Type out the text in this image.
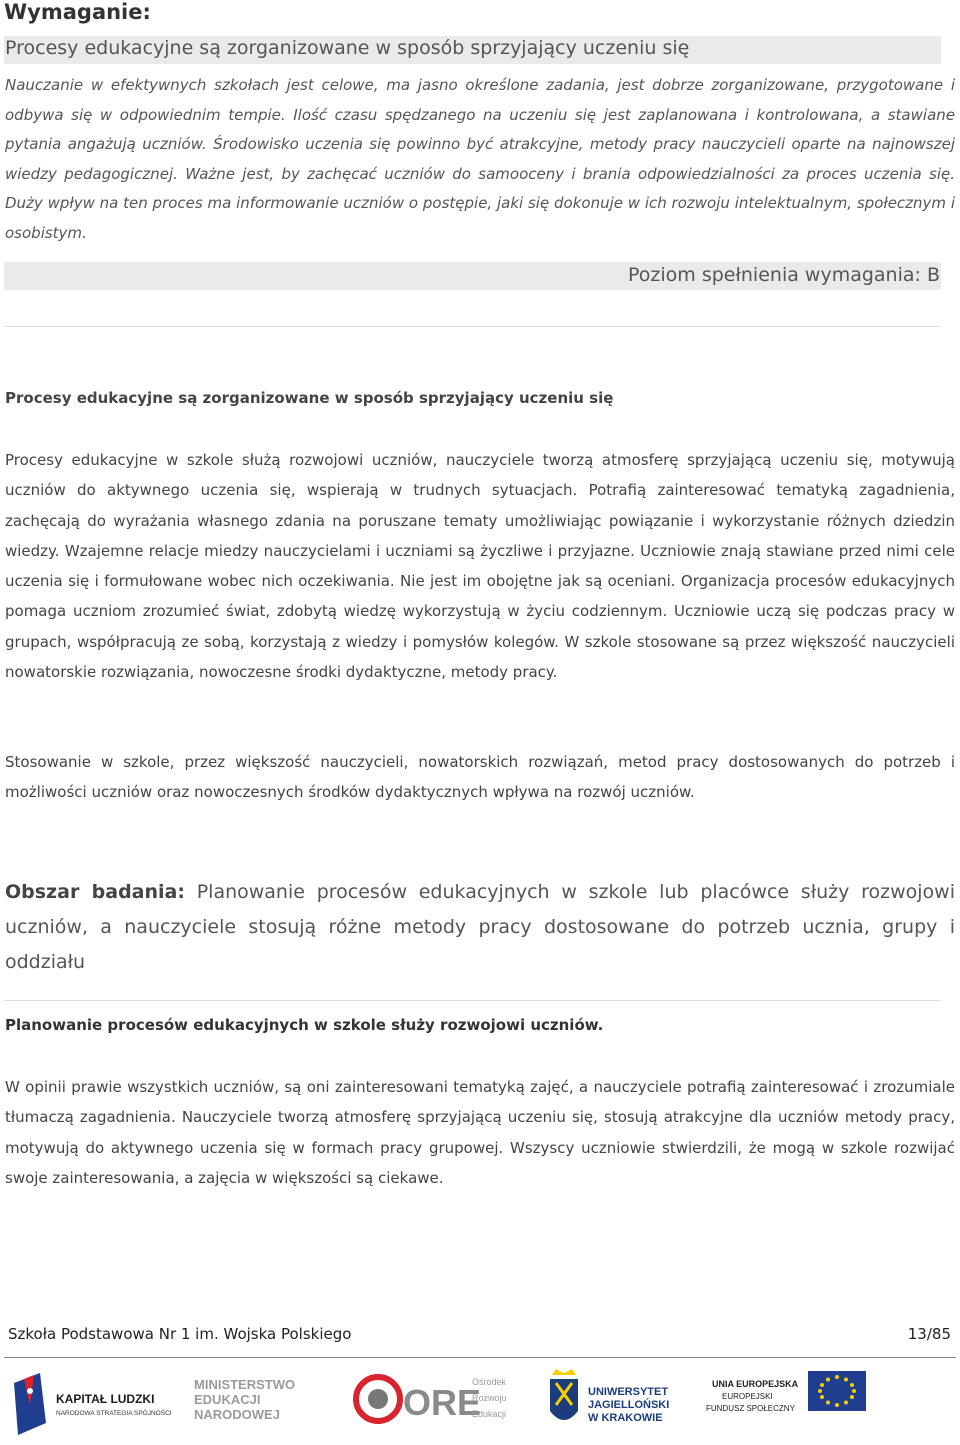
Wymaganie:
Procesy edukacyjne są zorganizowane w sposób sprzyjający uczeniu się
Nauczanie w efektywnych szkołach jest celowe, ma jasno określone zadania, jest dobrze zorganizowane, przygotowane i odbywa się w odpowiednim tempie. Ilość czasu spędzanego na uczeniu się jest zaplanowana i kontrolowana, a stawiane pytania angażują uczniów. Środowisko uczenia się powinno być atrakcyjne, metody pracy nauczycieli oparte na najnowszej wiedzy pedagogicznej. Ważne jest, by zachęcać uczniów do samooceny i brania odpowiedzialności za proces uczenia się. Duży wpływ na ten proces ma informowanie uczniów o postępie, jaki się dokonuje w ich rozwoju intelektualnym, społecznym i osobistym.
Poziom spełnienia wymagania: B
Procesy edukacyjne są zorganizowane w sposób sprzyjający uczeniu się
Procesy edukacyjne w szkole służą rozwojowi uczniów, nauczyciele tworzą atmosferę sprzyjającą uczeniu się, motywują uczniów do aktywnego uczenia się, wspierają w trudnych sytuacjach. Potrafią zainteresować tematyką zagadnienia, zachęcają do wyrażania własnego zdania na poruszane tematy umożliwiając powiązanie i wykorzystanie różnych dziedzin wiedzy. Wzajemne relacje miedzy nauczycielami i uczniami są życzliwe i przyjazne. Uczniowie znają stawiane przed nimi cele uczenia się i formułowane wobec nich oczekiwania. Nie jest im obojętne jak są oceniani. Organizacja procesów edukacyjnych pomaga uczniom zrozumieć świat, zdobytą wiedzę wykorzystują w życiu codziennym. Uczniowie uczą się podczas pracy w grupach, współpracują ze sobą, korzystają z wiedzy i pomysłów kolegów. W szkole stosowane są przez większość nauczycieli nowatorskie rozwiązania, nowoczesne środki dydaktyczne, metody pracy.
Stosowanie w szkole, przez większość nauczycieli, nowatorskich rozwiązań, metod pracy dostosowanych do potrzeb i możliwości uczniów oraz nowoczesnych środków dydaktycznych wpływa na rozwój uczniów.
Obszar badania: Planowanie procesów edukacyjnych w szkole lub placówce służy rozwojowi uczniów, a nauczyciele stosują różne metody pracy dostosowane do potrzeb ucznia, grupy i oddziału
Planowanie procesów edukacyjnych w szkole służy rozwojowi uczniów.
W opinii prawie wszystkich uczniów, są oni zainteresowani tematyką zajęć, a nauczyciele potrafią zainteresować i zrozumiale tłumaczą zagadnienia. Nauczyciele tworzą atmosferę sprzyjającą uczeniu się, stosują atrakcyjne dla uczniów metody pracy, motywują do aktywnego uczenia się w formach pracy grupowej. Wszyscy uczniowie stwierdzili, że mogą w szkole rozwijać swoje zainteresowania, a zajęcia w większości są ciekawe.
Szkoła Podstawowa Nr 1 im. Wojska Polskiego	13/85
KAPITAŁ LUDZKI
NARODOWA STRATEGIA SPÓJNOŚCI
MINISTERSTWO
EDUKACJI
NARODOWEJ	ORE
Ośrodek
Rozwoju
Edukacji
UNIWERSYTET
JAGIELLOŃSKI
W KRAKOWIE
UNIA EUROPEJSKA
EUROPEJSKI
FUNDUSZ SPOŁECZNY
